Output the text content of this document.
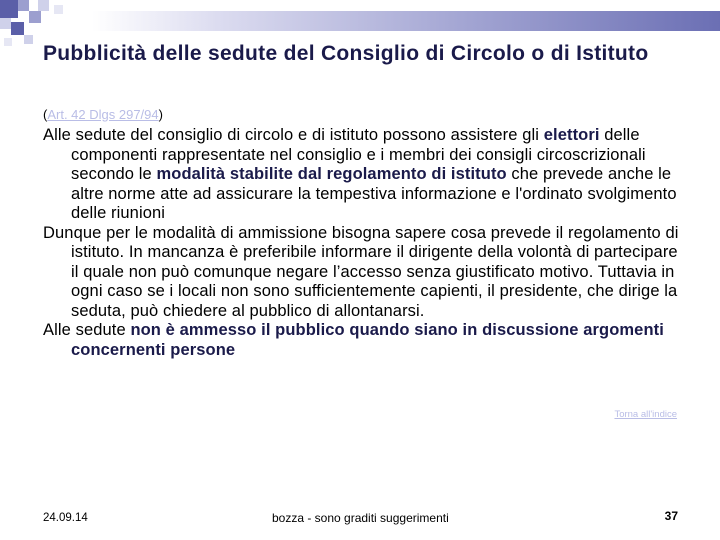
Pubblicità delle sedute del Consiglio di Circolo o di Istituto
(Art. 42 Dlgs 297/94)

Alle sedute del consiglio di circolo e di istituto possono assistere gli elettori delle componenti rappresentate nel consiglio e i membri dei consigli circoscrizionali secondo le modalità stabilite dal regolamento di istituto che prevede anche le altre norme atte ad assicurare la tempestiva informazione e l'ordinato svolgimento delle riunioni

Dunque per le modalità di ammissione bisogna sapere cosa prevede il regolamento di istituto. In mancanza è preferibile informare il dirigente della volontà di partecipare il quale non può comunque negare l’accesso senza giustificato motivo. Tuttavia in ogni caso se i locali non sono sufficientemente capienti, il presidente, che dirige la seduta, può chiedere al pubblico di allontanarsi.

Alle sedute non è ammesso il pubblico quando siano in discussione argomenti concernenti persone

Torna all'indice
24.09.14	bozza - sono graditi suggerimenti	37
